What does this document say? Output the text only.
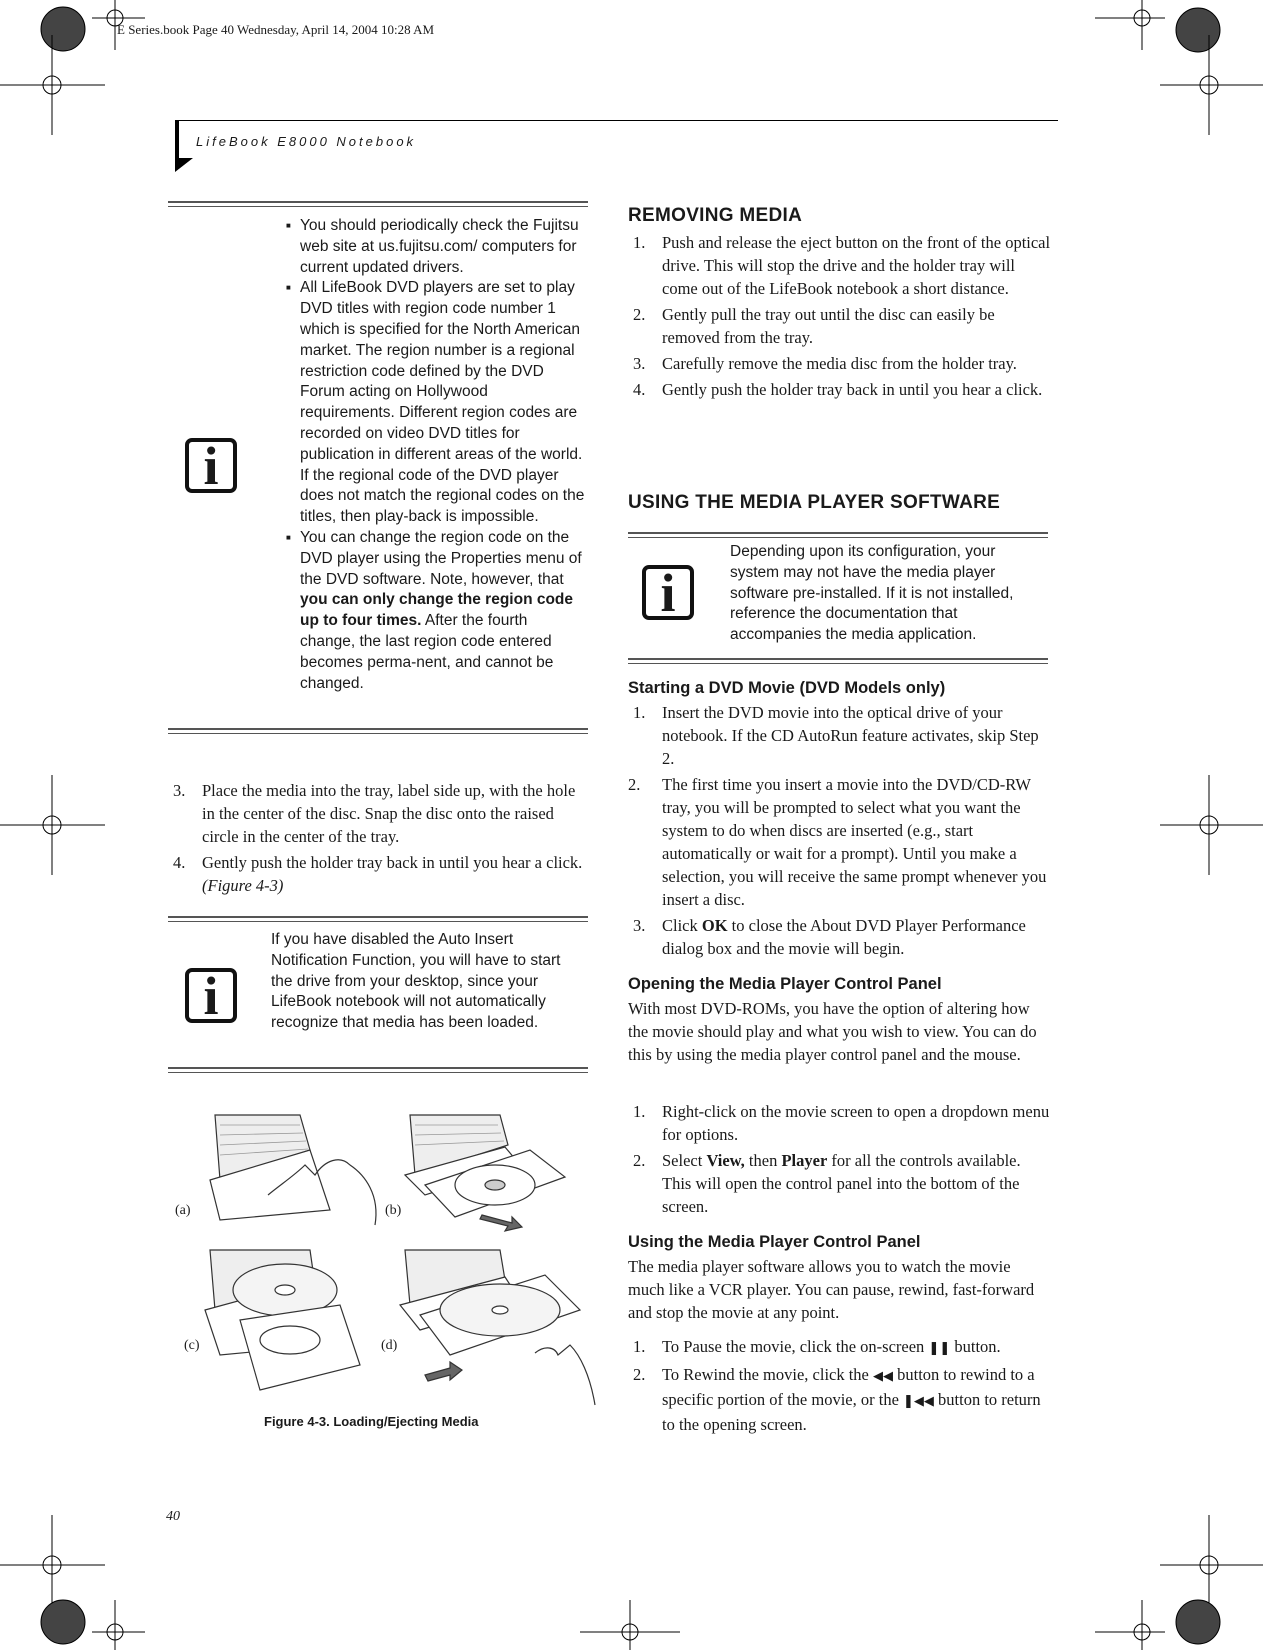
E Series.book Page 40 Wednesday, April 14, 2004 10:28 AM
LifeBook E8000 Notebook
i
■ You should periodically check the Fujitsu web site at us.fujitsu.com/ computers for current updated drivers.
■ All LifeBook DVD players are set to play DVD titles with region code number 1 which is specified for the North American market. The region number is a regional restriction code defined by the DVD Forum acting on Hollywood requirements. Different region codes are recorded on video DVD titles for publication in different areas of the world. If the regional code of the DVD player does not match the regional codes on the titles, then play-back is impossible.
■ You can change the region code on the DVD player using the Properties menu of the DVD software. Note, however, that you can only change the region code up to four times. After the fourth change, the last region code entered becomes perma-nent, and cannot be changed.
3. Place the media into the tray, label side up, with the hole in the center of the disc. Snap the disc onto the raised circle in the center of the tray.
4. Gently push the holder tray back in until you hear a click. (Figure 4-3)
i
If you have disabled the Auto Insert Notification Function, you will have to start the drive from your desktop, since your LifeBook notebook will not automatically recognize that media has been loaded.
(a)	(b)
(c)	(d)
Figure 4-3. Loading/Ejecting Media
40
REMOVING MEDIA
1. Push and release the eject button on the front of the optical drive. This will stop the drive and the holder tray will come out of the LifeBook notebook a short distance.
2. Gently pull the tray out until the disc can easily be removed from the tray.
3. Carefully remove the media disc from the holder tray.
4. Gently push the holder tray back in until you hear a click.
USING THE MEDIA PLAYER SOFTWARE
i
Depending upon its configuration, your system may not have the media player software pre-installed. If it is not installed, reference the documentation that accompanies the media application.
Starting a DVD Movie (DVD Models only)
1. Insert the DVD movie into the optical drive of your notebook. If the CD AutoRun feature activates, skip Step 2.
2. The first time you insert a movie into the DVD/CD-RW tray, you will be prompted to select what you want the system to do when discs are inserted (e.g., start automatically or wait for a prompt). Until you make a selection, you will receive the same prompt whenever you insert a disc.
3. Click OK to close the About DVD Player Performance dialog box and the movie will begin.
Opening the Media Player Control Panel
With most DVD-ROMs, you have the option of altering how the movie should play and what you wish to view. You can do this by using the media player control panel and the mouse.
1. Right-click on the movie screen to open a dropdown menu for options.
2. Select View, then Player for all the controls available. This will open the control panel into the bottom of the screen.
Using the Media Player Control Panel
The media player software allows you to watch the movie much like a VCR player. You can pause, rewind, fast-forward and stop the movie at any point.
1. To Pause the movie, click the on-screen ❚❚ button.
2. To Rewind the movie, click the ◀◀ button to rewind to a specific portion of the movie, or the ❚◀◀ button to return to the opening screen.
